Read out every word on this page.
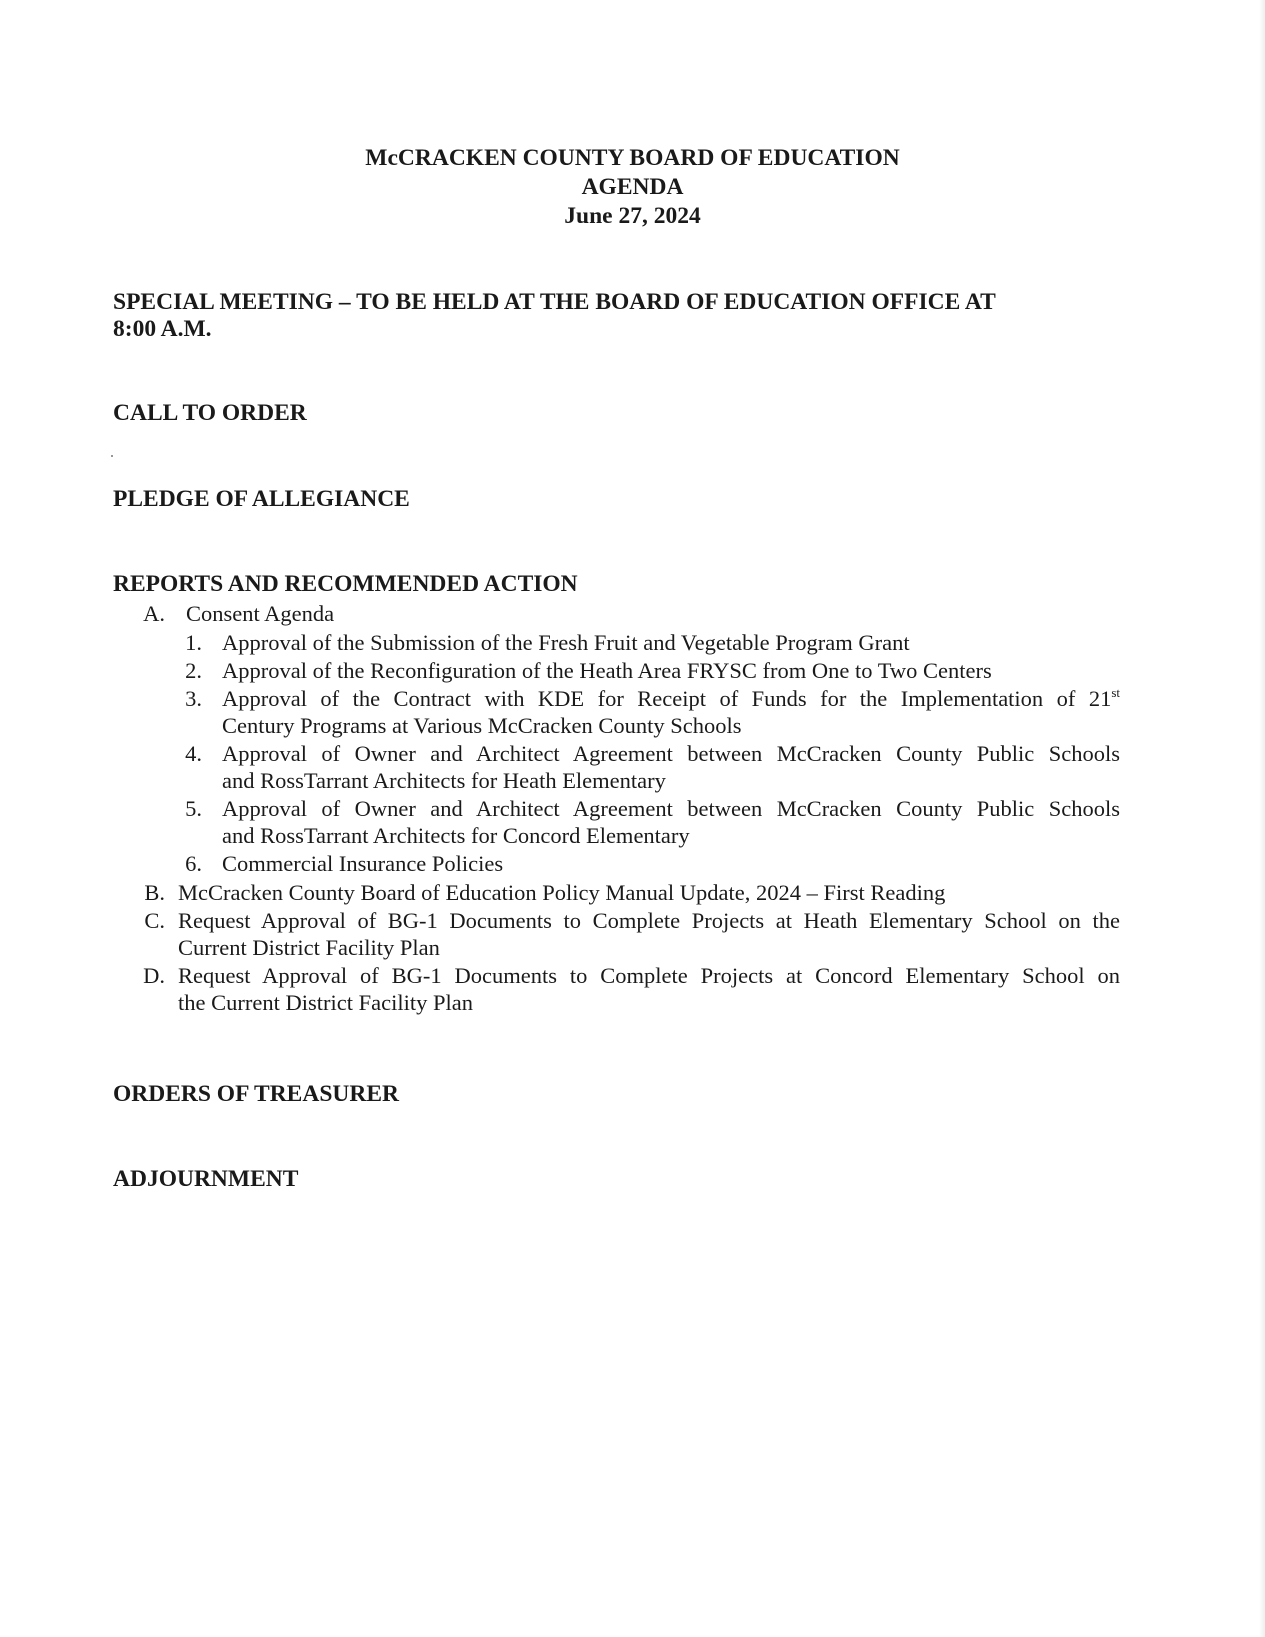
McCRACKEN COUNTY BOARD OF EDUCATION
AGENDA
June 27, 2024
SPECIAL MEETING – TO BE HELD AT THE BOARD OF EDUCATION OFFICE AT
8:00 A.M.
CALL TO ORDER
PLEDGE OF ALLEGIANCE
REPORTS AND RECOMMENDED ACTION
A. Consent Agenda
1. Approval of the Submission of the Fresh Fruit and Vegetable Program Grant
2. Approval of the Reconfiguration of the Heath Area FRYSC from One to Two Centers
3. Approval of the Contract with KDE for Receipt of Funds for the Implementation of 21st
Century Programs at Various McCracken County Schools
4. Approval of Owner and Architect Agreement between McCracken County Public Schools
and RossTarrant Architects for Heath Elementary
5. Approval of Owner and Architect Agreement between McCracken County Public Schools
and RossTarrant Architects for Concord Elementary
6. Commercial Insurance Policies
B. McCracken County Board of Education Policy Manual Update, 2024 – First Reading
C. Request Approval of BG-1 Documents to Complete Projects at Heath Elementary School on the
Current District Facility Plan
D. Request Approval of BG-1 Documents to Complete Projects at Concord Elementary School on
the Current District Facility Plan
ORDERS OF TREASURER
ADJOURNMENT
